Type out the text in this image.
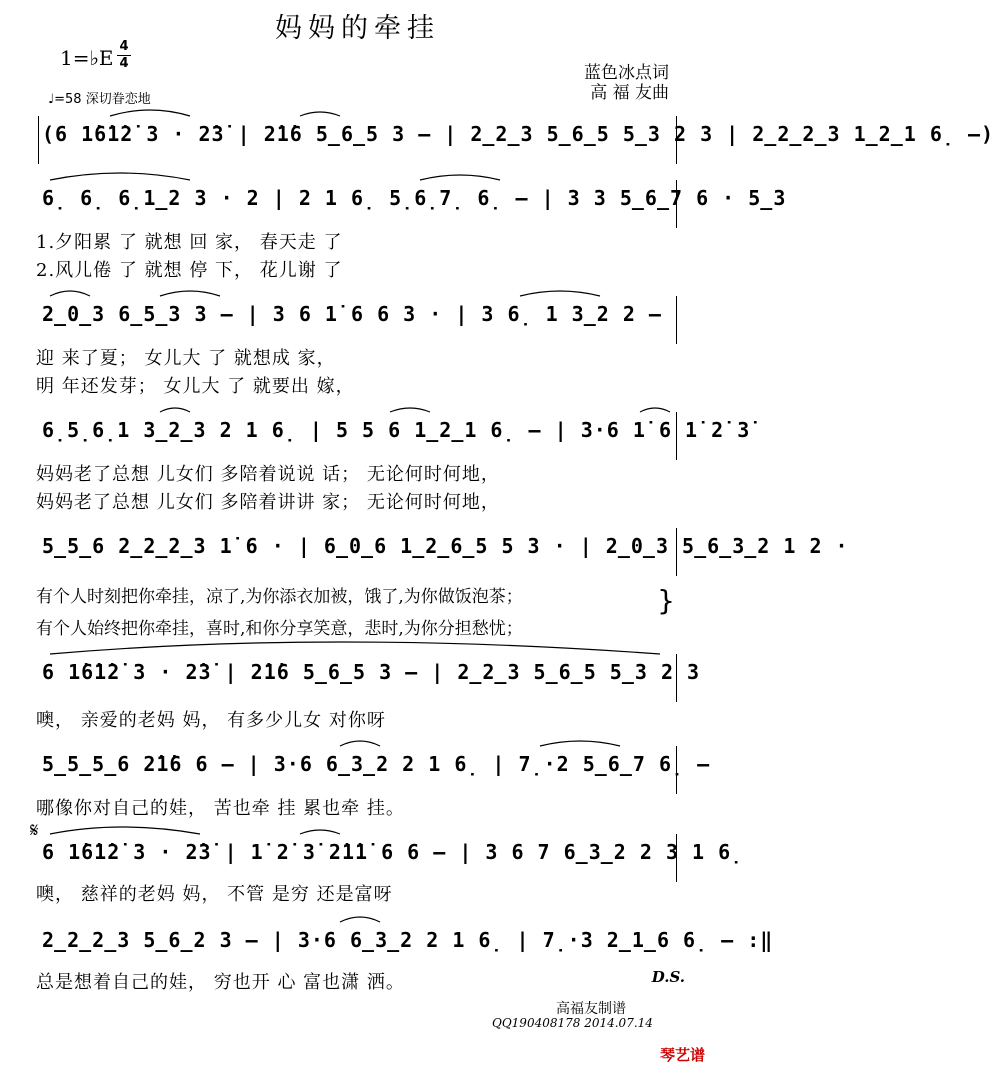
妈妈的牵挂
1=♭E 4
4
♩=58 深切眷恋地
蓝色冰点词
高 福 友曲
(6 1̇6̇1̇2̇ 3 · 2̇3̇ | 2̇1̇6 5̲6̲5 3 – | 2̲2̲3 5̲6̲5 5̲3 2 3 | 2̲2̲2̲3 1̲2̲1 6̣ –)
6̣ 6̣ 6̣1̲2 3 · 2 | 2 1 6̣ 5̣6̣7̣ 6̣ – | 3 3 5̲6̲7 6 · 5̲3
1.夕阳累 了 就想 回 家， 春天走 了
2.风儿倦 了 就想 停 下， 花儿谢 了
2̲0̲3 6̲5̲3 3 – | 3 6 1̇ 6 6 3 · | 3 6̣ 1 3̲2 2 –
迎 来了夏； 女儿大 了 就想成 家，
明 年还发芽； 女儿大 了 就要出 嫁，
6̣5̣6̣1 3̲2̲3 2 1 6̣ | 5 5 6 1̲2̲1 6̣ – | 3·6 1̇ 6 1̇ 2̇ 3̇
妈妈老了总想 儿女们 多陪着说说 话； 无论何时何地，
妈妈老了总想 儿女们 多陪着讲讲 家； 无论何时何地，
5̲5̲6 2̲2̲2̲3 1̇ 6 · | 6̲0̲6 1̲2̲6̲5 5 3 · | 2̲0̲3 5̲6̲3̲2 1 2 ·
有个人时刻把你牵挂，凉了,为你添衣加被，饿了,为你做饭泡茶；
有个人始终把你牵挂，喜时,和你分享笑意，悲时,为你分担愁忧；
}
6 1̇6̇1̇2̇ 3 · 2̇3̇ | 2̇1̇6 5̲6̲5 3 – | 2̲2̲3 5̲6̲5 5̲3 2 3
噢， 亲爱的老妈 妈， 有多少儿女 对你呀
5̲5̲5̲6 2̇1̇6 6 – | 3·6 6̲3̲2 2 1 6̣ | 7̣·2 5̲6̲7 6̣ –
哪像你对自己的娃， 苦也牵 挂 累也牵 挂。
𝄋
6 1̇6̇1̇2̇ 3 · 2̇3̇ | 1̇ 2̇ 3̇ 2̇1̇1̇ 6 6 – | 3 6 7 6̲3̲2 2 3 1 6̣
噢， 慈祥的老妈 妈， 不管 是穷 还是富呀
2̲2̲2̲3 5̲6̲2 3 – | 3·6 6̲3̲2 2 1 6̣ | 7̣·3 2̲1̲6 6̣ – :‖
总是想着自己的娃， 穷也开 心 富也潇 洒。	D.S.
高福友制谱
QQ190408178 2014.07.14
琴艺谱
